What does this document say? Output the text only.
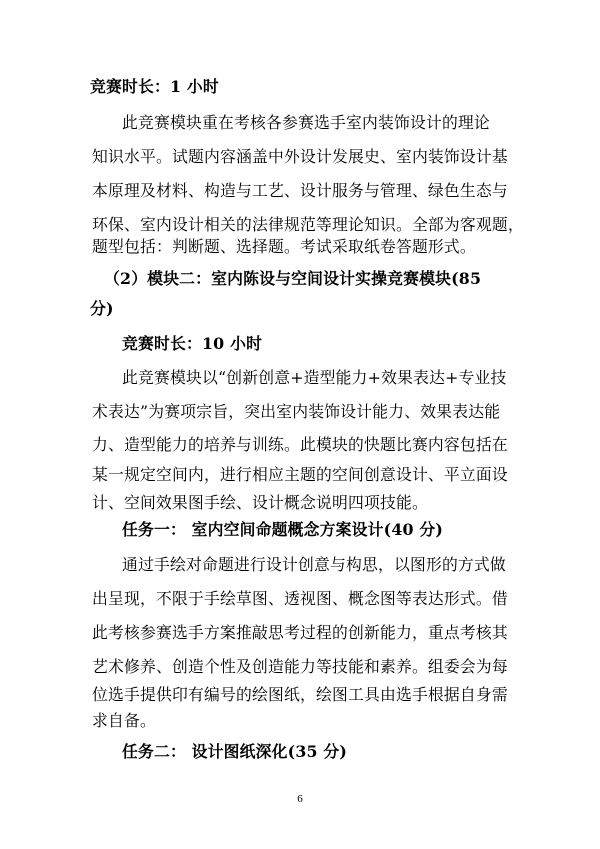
竞赛时长：1 小时
此竞赛模块重在考核各参赛选手室内装饰设计的理论
知识水平。试题内容涵盖中外设计发展史、室内装饰设计基
本原理及材料、构造与工艺、设计服务与管理、绿色生态与
环保、室内设计相关的法律规范等理论知识。全部为客观题，
题型包括：判断题、选择题。考试采取纸卷答题形式。
（2）模块二：室内陈设与空间设计实操竞赛模块(85
分)
竞赛时长：10 小时
此竞赛模块以“创新创意+造型能力+效果表达+专业技
术表达”为赛项宗旨，突出室内装饰设计能力、效果表达能
力、造型能力的培养与训练。此模块的快题比赛内容包括在
某一规定空间内，进行相应主题的空间创意设计、平立面设
计、空间效果图手绘、设计概念说明四项技能。
任务一： 室内空间命题概念方案设计(40 分)
通过手绘对命题进行设计创意与构思，以图形的方式做
出呈现，不限于手绘草图、透视图、概念图等表达形式。借
此考核参赛选手方案推敲思考过程的创新能力，重点考核其
艺术修养、创造个性及创造能力等技能和素养。组委会为每
位选手提供印有编号的绘图纸，绘图工具由选手根据自身需
求自备。
任务二： 设计图纸深化(35 分)
6
